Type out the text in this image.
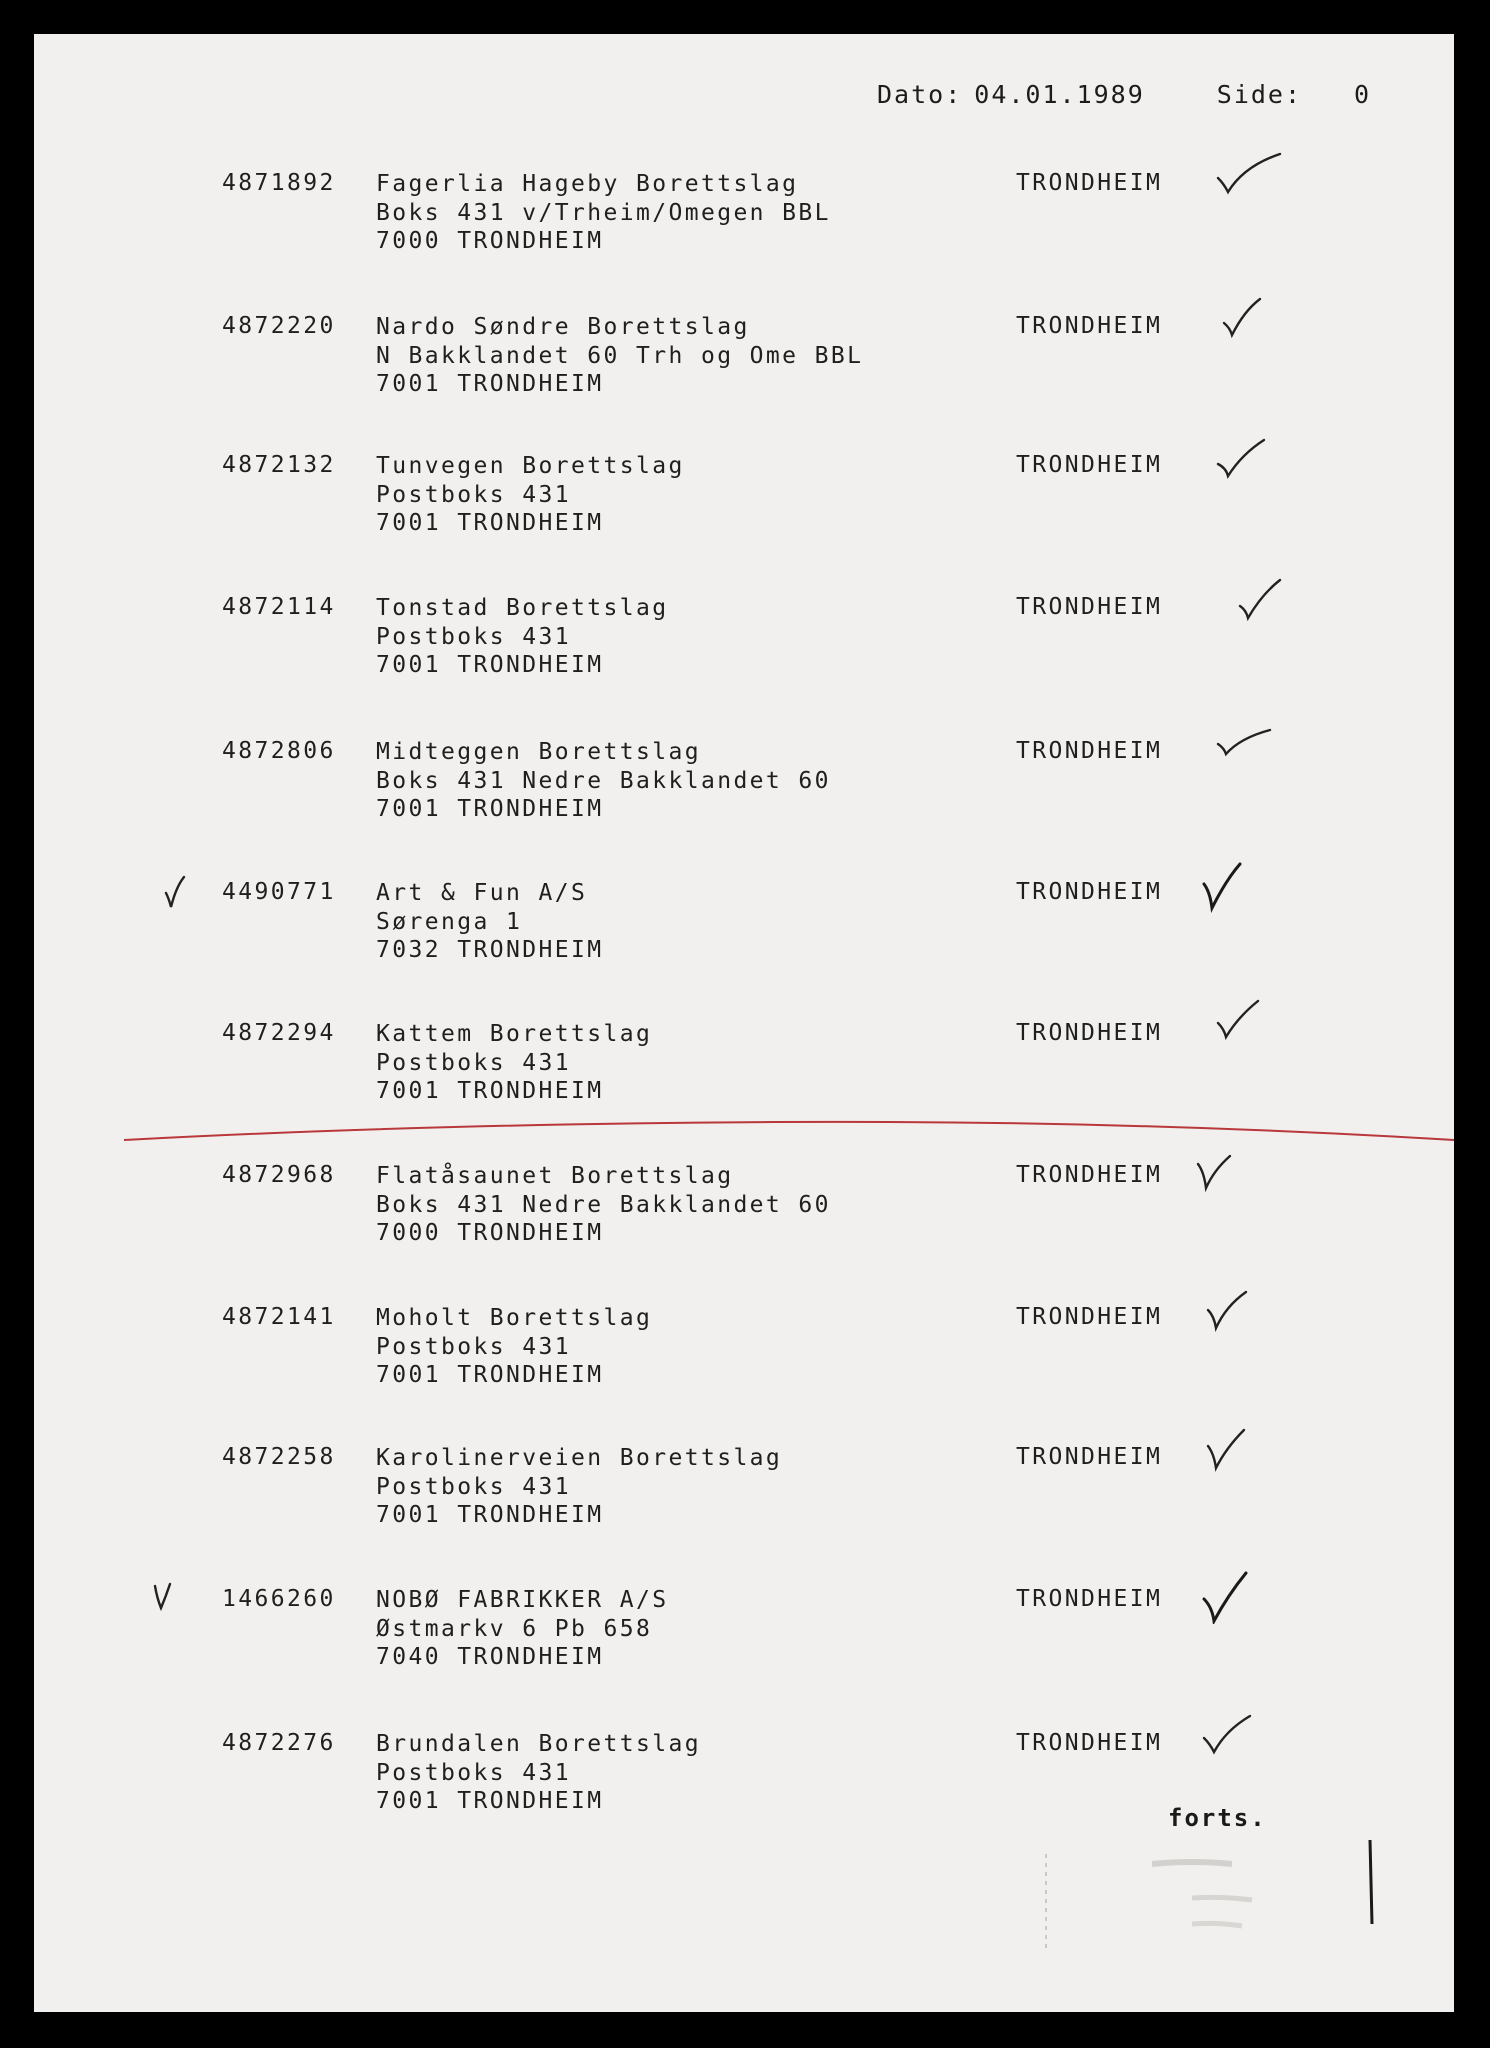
Dato: 04.01.1989	Side: 0
4871892 Fagerlia Hageby Borettslag
Boks 431 v/Trheim/Omegen BBL
7000 TRONDHEIM
TRONDHEIM
4872220 Nardo Søndre Borettslag
N Bakklandet 60 Trh og Ome BBL
7001 TRONDHEIM
TRONDHEIM
4872132 Tunvegen Borettslag
Postboks 431
7001 TRONDHEIM
TRONDHEIM
4872114 Tonstad Borettslag
Postboks 431
7001 TRONDHEIM
TRONDHEIM
4872806 Midteggen Borettslag
Boks 431 Nedre Bakklandet 60
7001 TRONDHEIM
TRONDHEIM
4490771 Art & Fun A/S
Sørenga 1
7032 TRONDHEIM
TRONDHEIM
4872294 Kattem Borettslag
Postboks 431
7001 TRONDHEIM
TRONDHEIM
4872968 Flatåsaunet Borettslag
Boks 431 Nedre Bakklandet 60
7000 TRONDHEIM
TRONDHEIM
4872141 Moholt Borettslag
Postboks 431
7001 TRONDHEIM
TRONDHEIM
4872258 Karolinerveien Borettslag
Postboks 431
7001 TRONDHEIM
TRONDHEIM
1466260 NOBØ FABRIKKER A/S
Østmarkv 6 Pb 658
7040 TRONDHEIM
TRONDHEIM
4872276 Brundalen Borettslag
Postboks 431
7001 TRONDHEIM
TRONDHEIM
forts.
